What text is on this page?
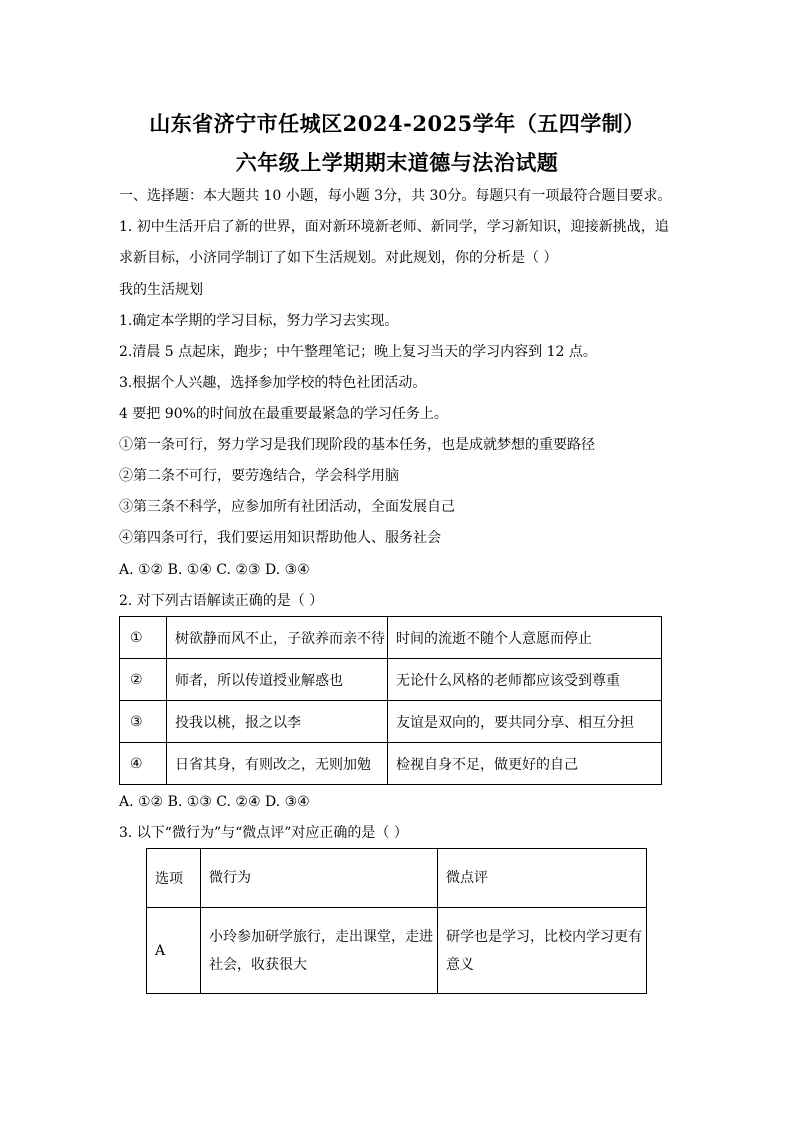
山东省济宁市任城区2024-2025学年（五四学制）
六年级上学期期末道德与法治试题
一、选择题：本大题共 10 小题，每小题 3分，共 30分。每题只有一项最符合题目要求。
1. 初中生活开启了新的世界，面对新环境新老师、新同学，学习新知识，迎接新挑战，追
求新目标，小济同学制订了如下生活规划。对此规划，你的分析是（ ）
我的生活规划
1.确定本学期的学习目标，努力学习去实现。
2.清晨 5 点起床，跑步；中午整理笔记；晚上复习当天的学习内容到 12 点。
3.根据个人兴趣，选择参加学校的特色社团活动。
4 要把 90%的时间放在最重要最紧急的学习任务上。
①第一条可行，努力学习是我们现阶段的基本任务，也是成就梦想的重要路径
②第二条不可行，要劳逸结合，学会科学用脑
③第三条不科学，应参加所有社团活动，全面发展自己
④第四条可行，我们要运用知识帮助他人、服务社会
A. ①② B. ①④ C. ②③ D. ③④
2. 对下列古语解读正确的是（ ）
①	树欲静而风不止，子欲养而亲不待	时间的流逝不随个人意愿而停止
②	师者，所以传道授业解惑也	无论什么风格的老师都应该受到尊重
③	投我以桃，报之以李	友谊是双向的，要共同分享、相互分担
④	日省其身，有则改之，无则加勉	检视自身不足，做更好的自己
A. ①② B. ①③ C. ②④ D. ③④
3. 以下“微行为”与“微点评”对应正确的是（ ）
选项	微行为	微点评
A	小玲参加研学旅行，走出课堂，走进社会，收获很大	研学也是学习，比校内学习更有意义
